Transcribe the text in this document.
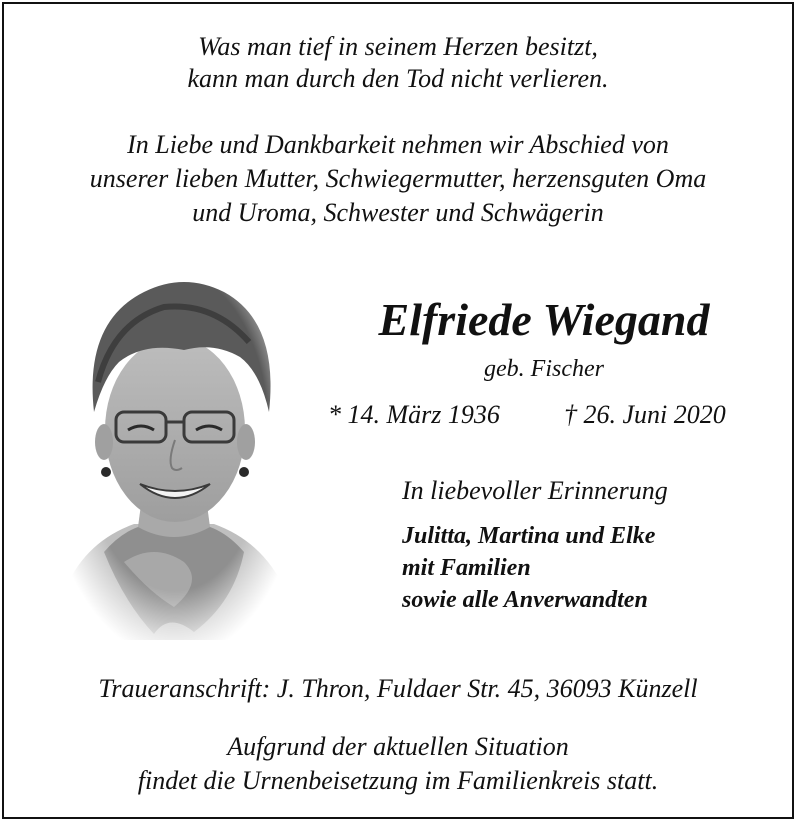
Was man tief in seinem Herzen besitzt,
kann man durch den Tod nicht verlieren.
In Liebe und Dankbarkeit nehmen wir Abschied von
unserer lieben Mutter, Schwiegermutter, herzensguten Oma
und Uroma, Schwester und Schwägerin
Elfriede Wiegand
geb. Fischer
* 14. März 1936 † 26. Juni 2020
In liebevoller Erinnerung
Julitta, Martina und Elke
mit Familien
sowie alle Anverwandten
Traueranschrift: J. Thron, Fuldaer Str. 45, 36093 Künzell
Aufgrund der aktuellen Situation
findet die Urnenbeisetzung im Familienkreis statt.
